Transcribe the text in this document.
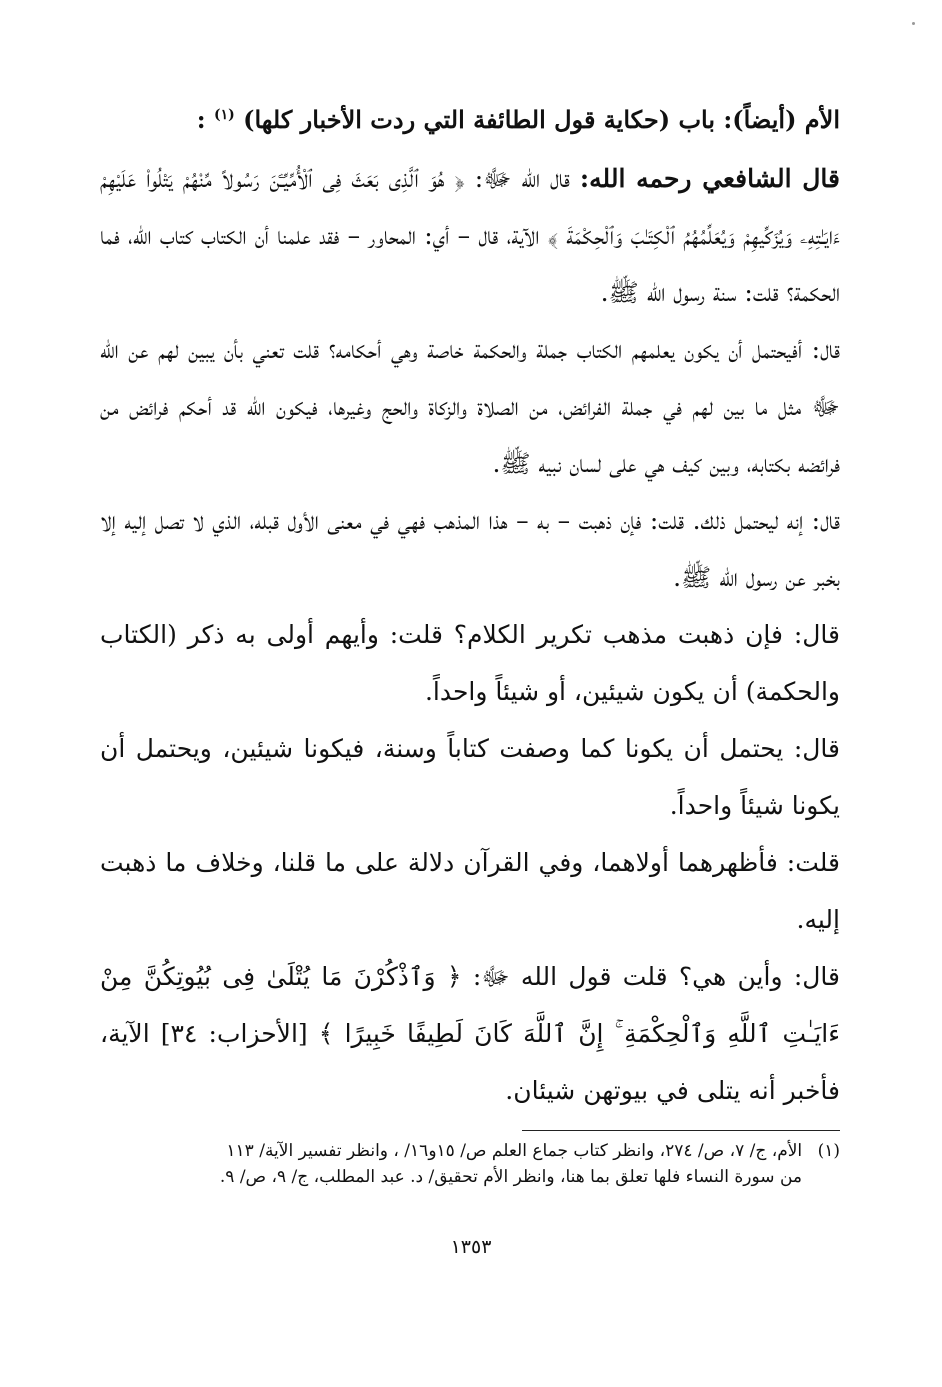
الأم (أيضاً): باب (حكاية قول الطائفة التي ردت الأخبار كلها) $^{(١)}$ :

قال الشافعي رحمه الله: قال الله ﷻ: ﴿ هُوَ ٱلَّذِى بَعَثَ فِى ٱلْأُمِّيِّـۧنَ رَسُولاً مِّنْهُمْ يَتْلُواْ عَلَيْهِمْ ءَايَـٰتِهِۦ وَيُزَكِّيهِمْ وَيُعَلِّمُهُمُ ٱلْكِتَـٰبَ وَٱلْحِكْمَةَ ﴾ الآية، قال – أي: المحاور – فقد علمنا أن الكتاب كتاب الله، فما الحكمة؟ قلت: سنة رسول الله ﷺ.

قال: أفيحتمل أن يكون يعلمهم الكتاب جملة والحكمة خاصة وهي أحكامه؟ قلت تعني بأن يبين لهم عن الله ﷻ مثل ما بين لهم في جملة الفرائض، من الصلاة والزكاة والحج وغيرها، فيكون الله قد أحكم فرائض من فرائضه بكتابه، وبين كيف هي على لسان نبيه ﷺ.

قال: إنه ليحتمل ذلك. قلت: فإن ذهبت – به – هذا المذهب فهي في معنى الأول قبله، الذي لا تصل إليه إلا بخبر عن رسول الله ﷺ.

قال: فإن ذهبت مذهب تكرير الكلام؟ قلت: وأيهم أولى به ذكر (الكتاب والحكمة) أن يكون شيئين، أو شيئاً واحداً.

قال: يحتمل أن يكونا كما وصفت كتاباً وسنة، فيكونا شيئين، ويحتمل أن يكونا شيئاً واحداً.

قلت: فأظهرهما أولاهما، وفي القرآن دلالة على ما قلنا، وخلاف ما ذهبت إليه.

قال: وأين هي؟ قلت قول الله ﷻ: ﴿ وَٱذْكُرْنَ مَا يُتْلَىٰ فِى بُيُوتِكُنَّ مِنْ ءَايَـٰتِ ٱللَّهِ وَٱلْحِكْمَةِ ۚ إِنَّ ٱللَّهَ كَانَ لَطِيفًا خَبِيرًا ﴾ [الأحزاب: ٣٤] الآية، فأخبر أنه يتلى في بيوتهن شيئان.

(١) الأم، ج/ ٧، ص/ ٢٧٤، وانظر كتاب جماع العلم ص/ ١٥و١٦/ ، وانظر تفسير الآية/ ١١٣
من سورة النساء فلها تعلق بما هنا، وانظر الأم تحقيق/ د. عبد المطلب، ج/ ٩، ص/ ٩.
١٣٥٣
